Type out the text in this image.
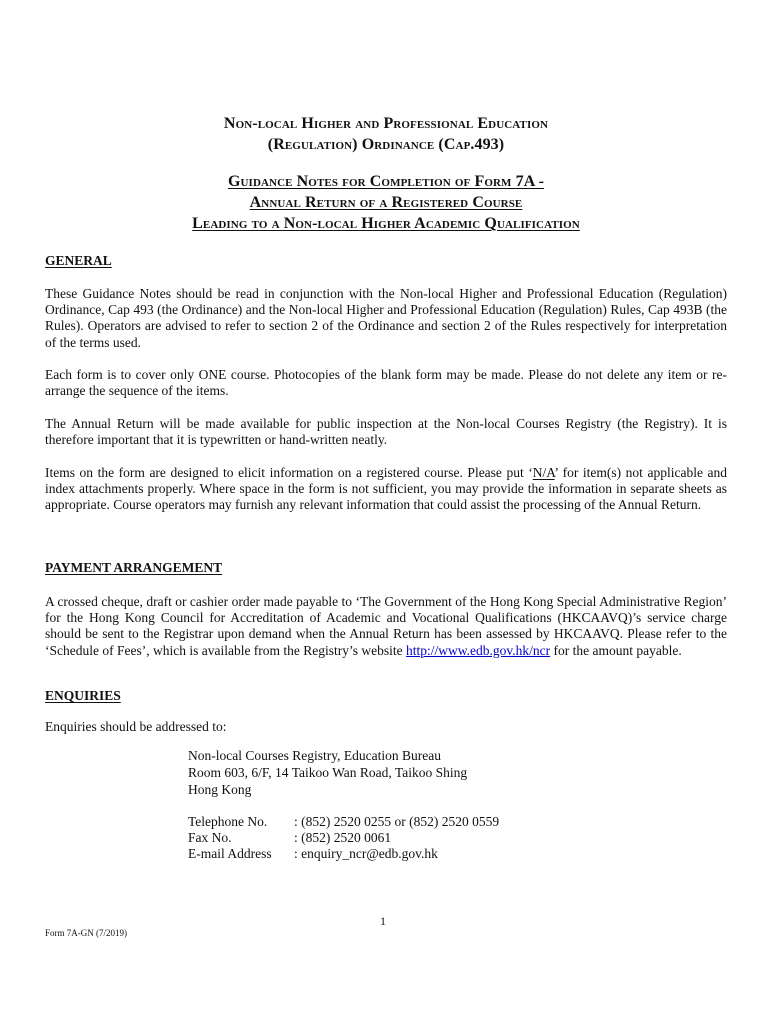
Non-local Higher and Professional Education
(Regulation) Ordinance (Cap.493)
Guidance Notes for Completion of Form 7A -
Annual Return of a Registered Course
Leading to a Non-local Higher Academic Qualification
GENERAL
These Guidance Notes should be read in conjunction with the Non-local Higher and Professional Education (Regulation) Ordinance, Cap 493 (the Ordinance) and the Non-local Higher and Professional Education (Regulation) Rules, Cap 493B (the Rules). Operators are advised to refer to section 2 of the Ordinance and section 2 of the Rules respectively for interpretation of the terms used.
Each form is to cover only ONE course. Photocopies of the blank form may be made. Please do not delete any item or re-arrange the sequence of the items.
The Annual Return will be made available for public inspection at the Non-local Courses Registry (the Registry). It is therefore important that it is typewritten or hand-written neatly.
Items on the form are designed to elicit information on a registered course. Please put ‘N/A’ for item(s) not applicable and index attachments properly. Where space in the form is not sufficient, you may provide the information in separate sheets as appropriate. Course operators may furnish any relevant information that could assist the processing of the Annual Return.
PAYMENT ARRANGEMENT
A crossed cheque, draft or cashier order made payable to ‘The Government of the Hong Kong Special Administrative Region’ for the Hong Kong Council for Accreditation of Academic and Vocational Qualifications (HKCAAVQ)’s service charge should be sent to the Registrar upon demand when the Annual Return has been assessed by HKCAAVQ. Please refer to the ‘Schedule of Fees’, which is available from the Registry’s website http://www.edb.gov.hk/ncr for the amount payable.
ENQUIRIES
Enquiries should be addressed to:
Non-local Courses Registry, Education Bureau
Room 603, 6/F, 14 Taikoo Wan Road, Taikoo Shing
Hong Kong
Telephone No.	: (852) 2520 0255 or (852) 2520 0559
Fax No.	: (852) 2520 0061
E-mail Address	: enquiry_ncr@edb.gov.hk
1
Form 7A-GN (7/2019)
